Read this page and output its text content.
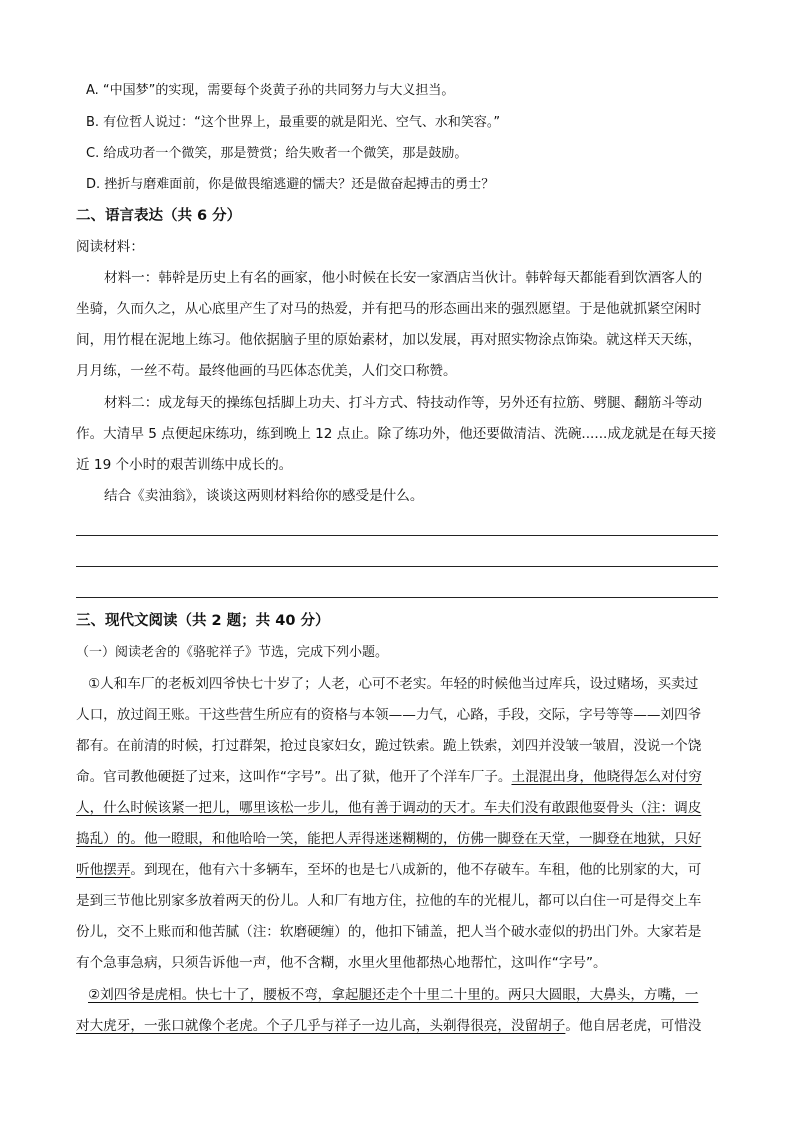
A. “中国梦”的实现，需要每个炎黄子孙的共同努力与大义担当。
B. 有位哲人说过：“这个世界上，最重要的就是阳光、空气、水和笑容。”
C. 给成功者一个微笑，那是赞赏；给失败者一个微笑，那是鼓励。
D. 挫折与磨难面前，你是做畏缩逃避的懦夫？还是做奋起搏击的勇士？
二、语言表达（共 6 分）
阅读材料：
材料一：韩幹是历史上有名的画家，他小时候在长安一家酒店当伙计。韩幹每天都能看到饮酒客人的
坐骑，久而久之，从心底里产生了对马的热爱，并有把马的形态画出来的强烈愿望。于是他就抓紧空闲时
间，用竹棍在泥地上练习。他依据脑子里的原始素材，加以发展，再对照实物涂点饰染。就这样天天练，
月月练，一丝不苟。最终他画的马匹体态优美，人们交口称赞。
材料二：成龙每天的操练包括脚上功夫、打斗方式、特技动作等，另外还有拉筋、劈腿、翻筋斗等动
作。大清早 5 点便起床练功，练到晚上 12 点止。除了练功外，他还要做清洁、洗碗......成龙就是在每天接
近 19 个小时的艰苦训练中成长的。
结合《卖油翁》，谈谈这两则材料给你的感受是什么。
三、现代文阅读（共 2 题；共 40 分）
（一）阅读老舍的《骆驼祥子》节选，完成下列小题。
①人和车厂的老板刘四爷快七十岁了；人老，心可不老实。年轻的时候他当过库兵，设过赌场，买卖过
人口，放过阎王账。干这些营生所应有的资格与本领——力气，心路，手段，交际，字号等等——刘四爷
都有。在前清的时候，打过群架，抢过良家妇女，跪过铁索。跪上铁索，刘四并没皱一皱眉，没说一个饶
命。官司教他硬挺了过来，这叫作“字号”。出了狱，他开了个洋车厂子。土混混出身，他晓得怎么对付穷
人，什么时候该紧一把儿，哪里该松一步儿，他有善于调动的天才。车夫们没有敢跟他耍骨头（注：调皮
捣乱）的。他一瞪眼，和他哈哈一笑，能把人弄得迷迷糊糊的，仿佛一脚登在天堂，一脚登在地狱，只好
听他摆弄。到现在，他有六十多辆车，至坏的也是七八成新的，他不存破车。车租，他的比别家的大，可
是到三节他比别家多放着两天的份儿。人和厂有地方住，拉他的车的光棍儿，都可以白住一可是得交上车
份儿，交不上账而和他苦腻（注：软磨硬缠）的，他扣下铺盖，把人当个破水壶似的扔出门外。大家若是
有个急事急病，只须告诉他一声，他不含糊，水里火里他都热心地帮忙，这叫作“字号”。
②刘四爷是虎相。快七十了，腰板不弯，拿起腿还走个十里二十里的。两只大圆眼，大鼻头，方嘴，一
对大虎牙，一张口就像个老虎。个子几乎与祥子一边儿高，头剃得很亮，没留胡子。他自居老虎，可惜没
